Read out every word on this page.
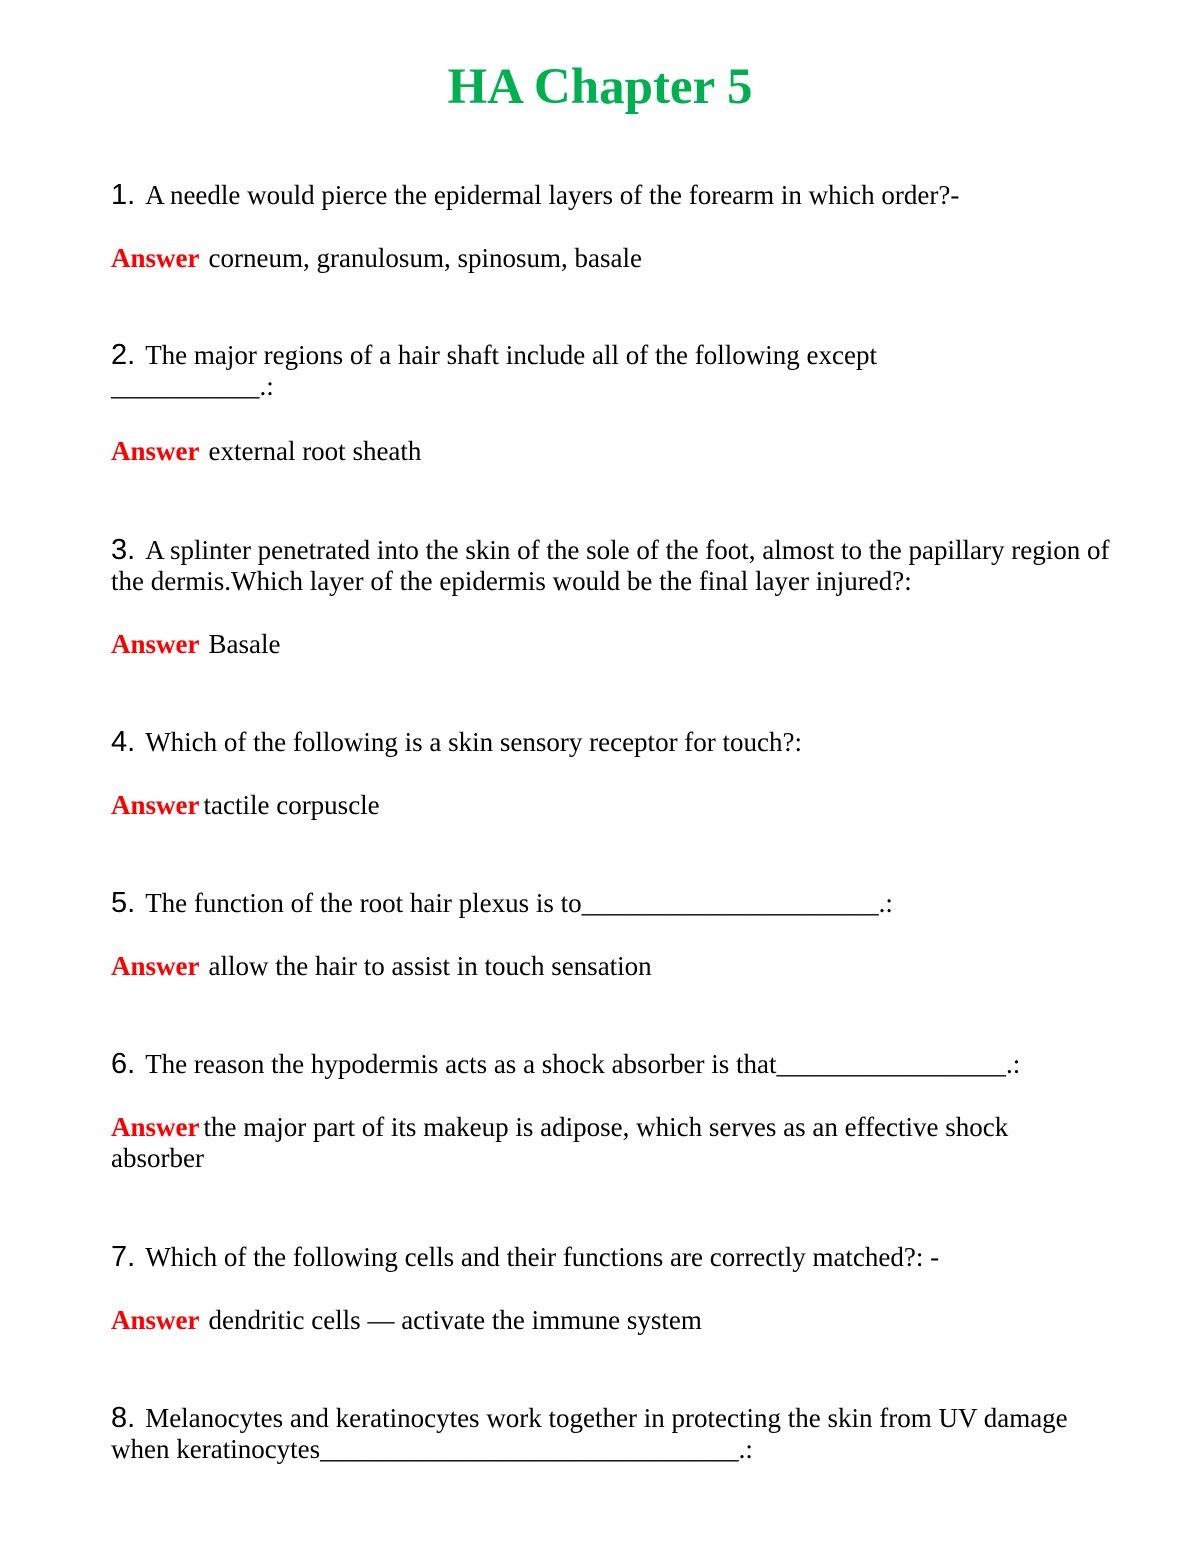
HA Chapter 5

1. A needle would pierce the epidermal layers of the forearm in which order?-

Answer corneum, granulosum, spinosum, basale

2. The major regions of a hair shaft include all of the following except ___________.:

Answer external root sheath

3. A splinter penetrated into the skin of the sole of the foot, almost to the papillary region of the dermis.Which layer of the epidermis would be the final layer injured?:

Answer Basale

4. Which of the following is a skin sensory receptor for touch?:

Answer tactile corpuscle

5. The function of the root hair plexus is to______________________.:

Answer allow the hair to assist in touch sensation

6. The reason the hypodermis acts as a shock absorber is that_________________.:

Answer the major part of its makeup is adipose, which serves as an effective shock absorber

7. Which of the following cells and their functions are correctly matched?: -

Answer dendritic cells — activate the immune system

8. Melanocytes and keratinocytes work together in protecting the skin from UV damage when keratinocytes_______________________________.:
